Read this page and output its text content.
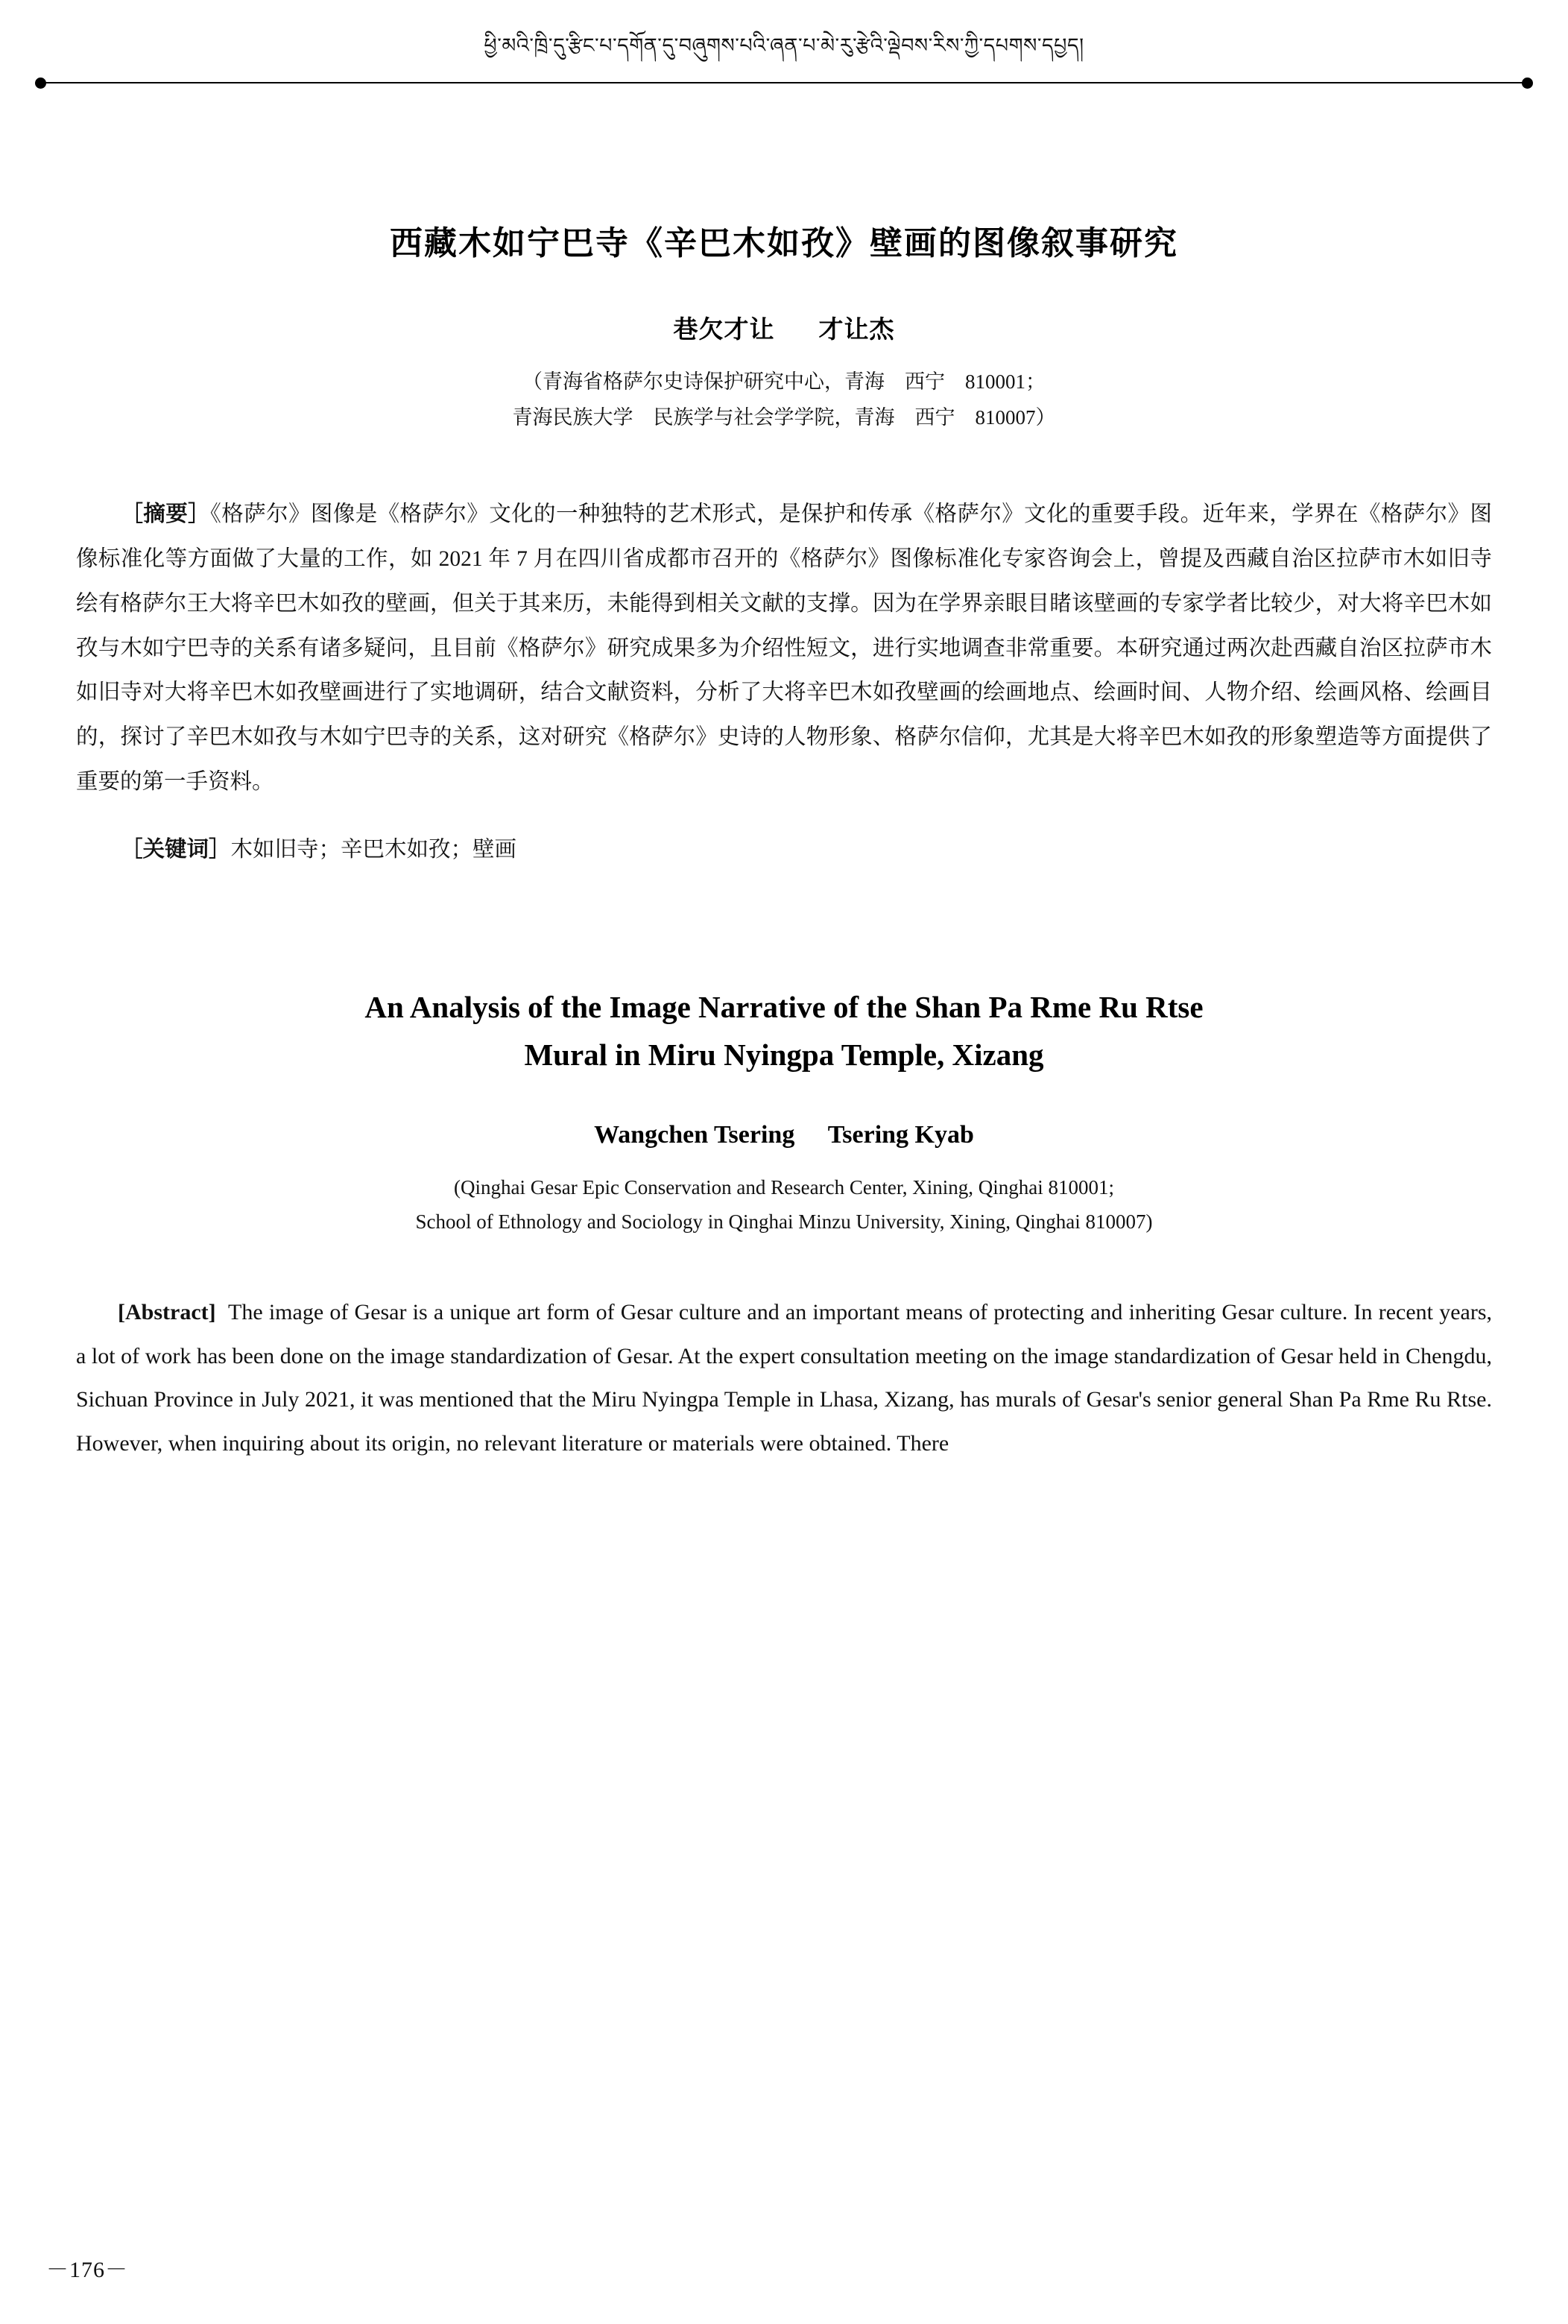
ཕྱི་མའི་ཁྲི་དུ་རྩིང་པ་དགོན་དུ་བཞུགས་པའི་ཞན་པ་མེ་རུ་རྩེའི་ལྡེབས་རིས་ཀྱི་དཔགས་དཔྱད།
西藏木如宁巴寺《辛巴木如孜》壁画的图像叙事研究
巷欠才让 才让杰
（青海省格萨尔史诗保护研究中心，青海　西宁　810001；
青海民族大学　民族学与社会学学院，青海　西宁　810007）

［摘要］《格萨尔》图像是《格萨尔》文化的一种独特的艺术形式，是保护和传承《格萨尔》文化的重要手段。近年来，学界在《格萨尔》图像标准化等方面做了大量的工作，如 2021 年 7 月在四川省成都市召开的《格萨尔》图像标准化专家咨询会上，曾提及西藏自治区拉萨市木如旧寺绘有格萨尔王大将辛巴木如孜的壁画，但关于其来历，未能得到相关文献的支撑。因为在学界亲眼目睹该壁画的专家学者比较少，对大将辛巴木如孜与木如宁巴寺的关系有诸多疑问，且目前《格萨尔》研究成果多为介绍性短文，进行实地调查非常重要。本研究通过两次赴西藏自治区拉萨市木如旧寺对大将辛巴木如孜壁画进行了实地调研，结合文献资料，分析了大将辛巴木如孜壁画的绘画地点、绘画时间、人物介绍、绘画风格、绘画目的，探讨了辛巴木如孜与木如宁巴寺的关系，这对研究《格萨尔》史诗的人物形象、格萨尔信仰，尤其是大将辛巴木如孜的形象塑造等方面提供了重要的第一手资料。

［关键词］木如旧寺；辛巴木如孜；壁画

An Analysis of the Image Narrative of the Shan Pa Rme Ru Rtse
Mural in Miru Nyingpa Temple, Xizang
Wangchen Tsering Tsering Kyab
(Qinghai Gesar Epic Conservation and Research Center, Xining, Qinghai 810001;
School of Ethnology and Sociology in Qinghai Minzu University, Xining, Qinghai 810007)

[Abstract] The image of Gesar is a unique art form of Gesar culture and an important means of protecting and inheriting Gesar culture. In recent years, a lot of work has been done on the image standardization of Gesar. At the expert consultation meeting on the image standardization of Gesar held in Chengdu, Sichuan Province in July 2021, it was mentioned that the Miru Nyingpa Temple in Lhasa, Xizang, has murals of Gesar's senior general Shan Pa Rme Ru Rtse. However, when inquiring about its origin, no relevant literature or materials were obtained. There

－176－
